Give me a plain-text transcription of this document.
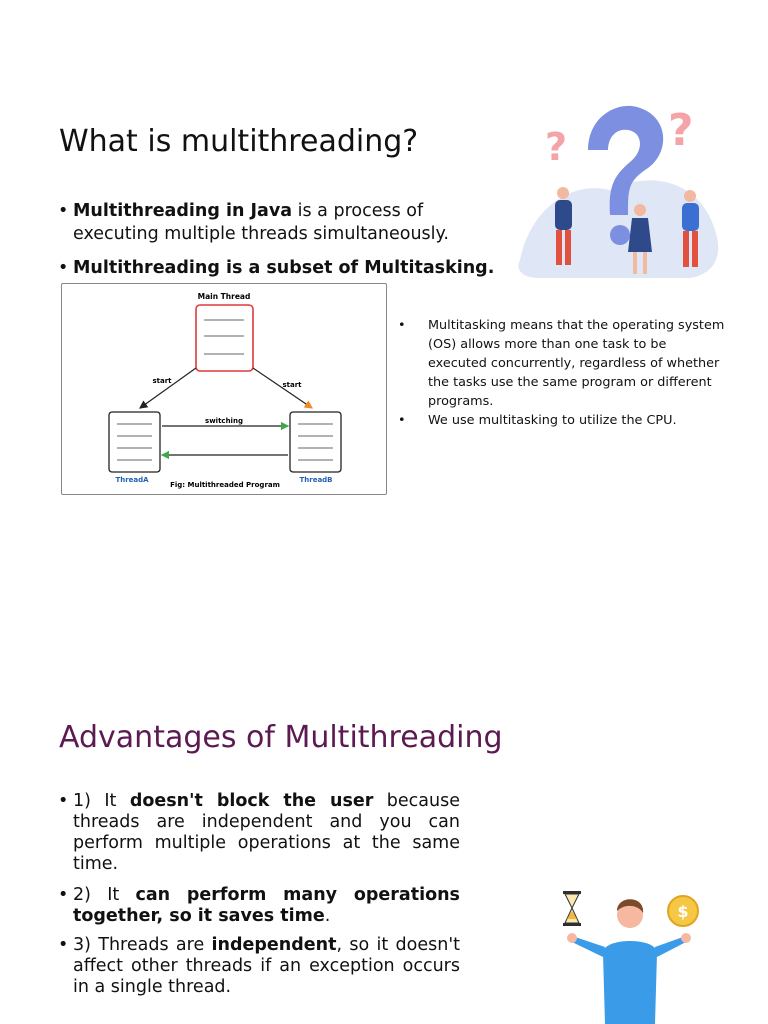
What is multithreading?
• Multithreading in Java is a process of executing multiple threads simultaneously.
• Multithreading is a subset of Multitasking.
Main Thread
start	start
switching
ThreadA	ThreadB
Fig: Multithreaded Program
• Multitasking means that the operating system (OS) allows more than one task to be executed concurrently, regardless of whether the tasks use the same program or different programs.
• We use multitasking to utilize the CPU.
? ?
Advantages of Multithreading
• 1) It doesn't block the user because threads are independent and you can perform multiple operations at the same time.
• 2) It can perform many operations together, so it saves time.
• 3) Threads are independent, so it doesn't affect other threads if an exception occurs in a single thread.
$
